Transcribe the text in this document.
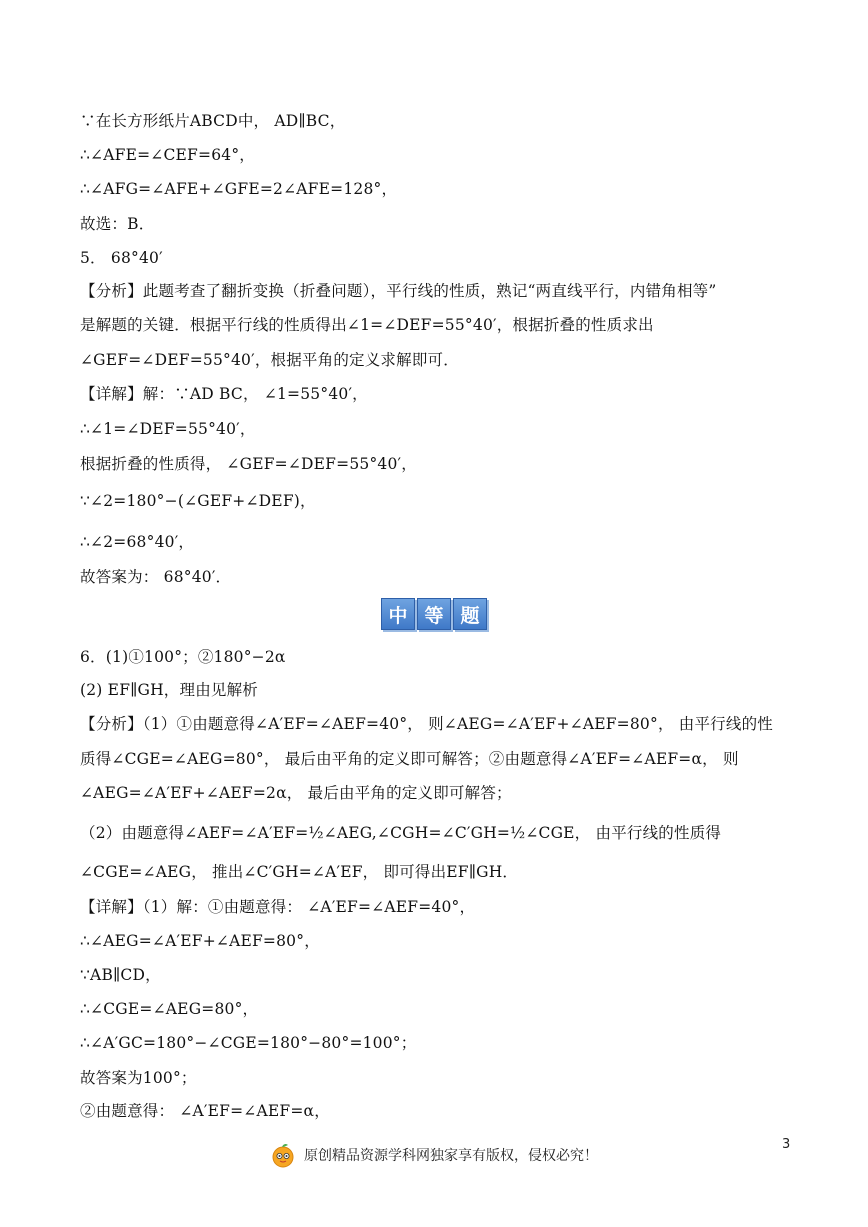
∵在长方形纸片ABCD中， AD∥BC，
∴∠AFE=∠CEF=64°，
∴∠AFG=∠AFE+∠GFE=2∠AFE=128°，
故选：B．
5． 68°40′
【分析】此题考查了翻折变换（折叠问题），平行线的性质，熟记“两直线平行，内错角相等”
是解题的关键．根据平行线的性质得出∠1=∠DEF=55°40′，根据折叠的性质求出
∠GEF=∠DEF=55°40′，根据平角的定义求解即可．
【详解】解：∵AD BC， ∠1=55°40′，
∴∠1=∠DEF=55°40′，
根据折叠的性质得， ∠GEF=∠DEF=55°40′，
∵∠2=180°−(∠GEF+∠DEF)，
∴∠2=68°40′，
故答案为： 68°40′．
中 等 题
6．(1)①100°；②180°−2α
(2) EF∥GH，理由见解析
【分析】（1）①由题意得∠A′EF=∠AEF=40°， 则∠AEG=∠A′EF+∠AEF=80°， 由平行线的性
质得∠CGE=∠AEG=80°， 最后由平角的定义即可解答；②由题意得∠A′EF=∠AEF=α， 则
∠AEG=∠A′EF+∠AEF=2α， 最后由平角的定义即可解答；
（2）由题意得∠AEF=∠A′EF=½∠AEG,∠CGH=∠C′GH=½∠CGE， 由平行线的性质得
∠CGE=∠AEG， 推出∠C′GH=∠A′EF， 即可得出EF∥GH．
【详解】（1）解：①由题意得： ∠A′EF=∠AEF=40°，
∴∠AEG=∠A′EF+∠AEF=80°，
∵AB∥CD，
∴∠CGE=∠AEG=80°，
∴∠A′GC=180°−∠CGE=180°−80°=100°；
故答案为100°；
②由题意得： ∠A′EF=∠AEF=α，
3
原创精品资源学科网独家享有版权，侵权必究！
